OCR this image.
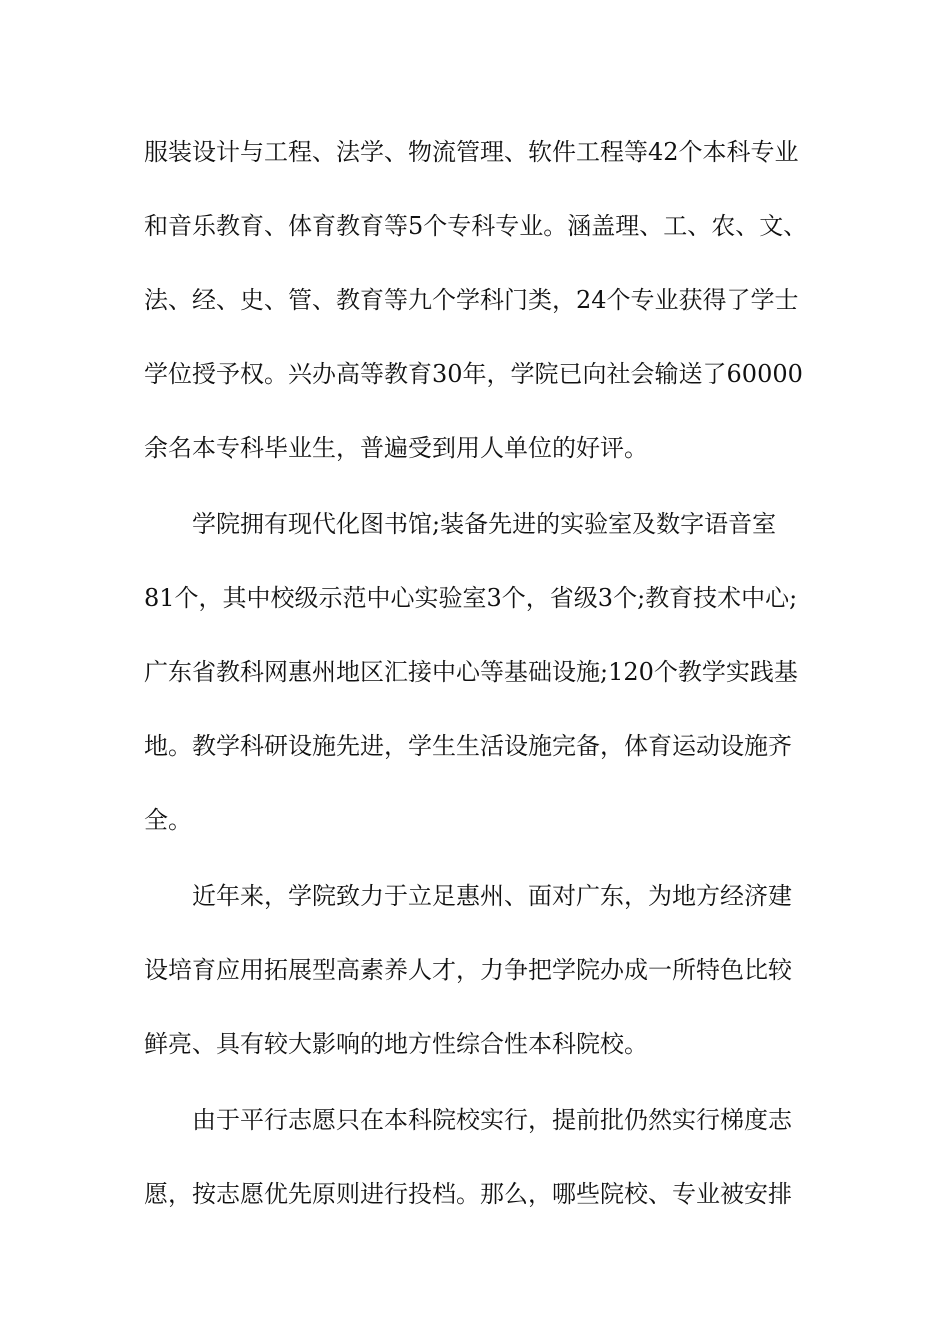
服装设计与工程、法学、物流管理、软件工程等42个本科专业
和音乐教育、体育教育等5个专科专业。涵盖理、工、农、文、
法、经、史、管、教育等九个学科门类，24个专业获得了学士
学位授予权。兴办高等教育30年，学院已向社会输送了60000
余名本专科毕业生，普遍受到用人单位的好评。
学院拥有现代化图书馆;装备先进的实验室及数字语音室
81个，其中校级示范中心实验室3个，省级3个;教育技术中心;
广东省教科网惠州地区汇接中心等基础设施;120个教学实践基
地。教学科研设施先进，学生生活设施完备，体育运动设施齐
全。
近年来，学院致力于立足惠州、面对广东，为地方经济建
设培育应用拓展型高素养人才，力争把学院办成一所特色比较
鲜亮、具有较大影响的地方性综合性本科院校。
由于平行志愿只在本科院校实行，提前批仍然实行梯度志
愿，按志愿优先原则进行投档。那么，哪些院校、专业被安排
